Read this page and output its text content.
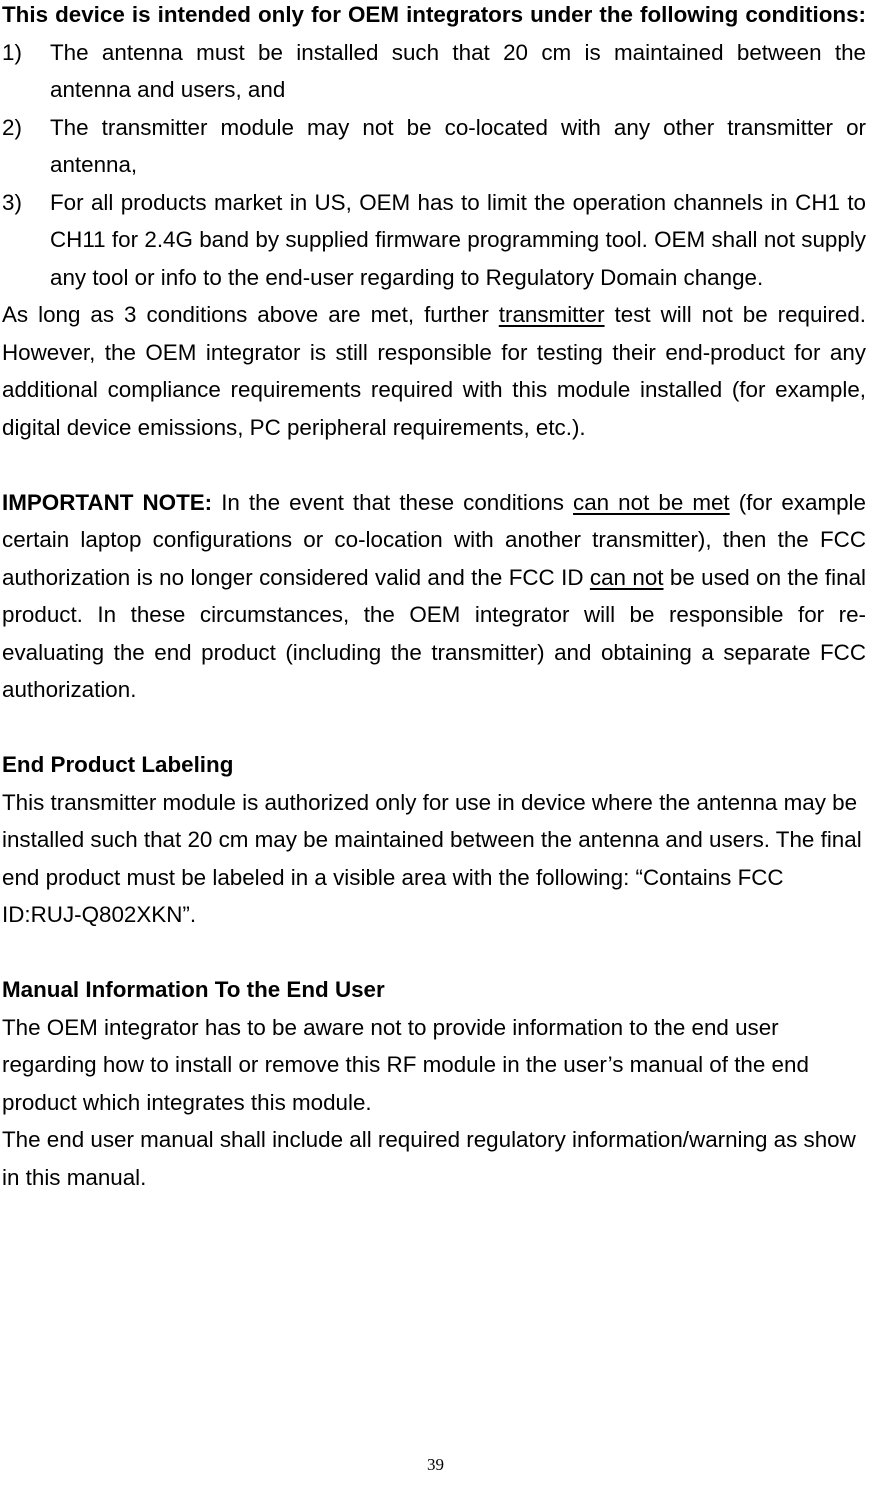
This device is intended only for OEM integrators under the following conditions:

1) The antenna must be installed such that 20 cm is maintained between the antenna and users, and
2) The transmitter module may not be co-located with any other transmitter or antenna,
3) For all products market in US, OEM has to limit the operation channels in CH1 to CH11 for 2.4G band by supplied firmware programming tool. OEM shall not supply any tool or info to the end-user regarding to Regulatory Domain change.

As long as 3 conditions above are met, further transmitter test will not be required. However, the OEM integrator is still responsible for testing their end-product for any additional compliance requirements required with this module installed (for example, digital device emissions, PC peripheral requirements, etc.).

IMPORTANT NOTE: In the event that these conditions can not be met (for example certain laptop configurations or co-location with another transmitter), then the FCC authorization is no longer considered valid and the FCC ID can not be used on the final product. In these circumstances, the OEM integrator will be responsible for re-evaluating the end product (including the transmitter) and obtaining a separate FCC authorization.

End Product Labeling

This transmitter module is authorized only for use in device where the antenna may be installed such that 20 cm may be maintained between the antenna and users. The final end product must be labeled in a visible area with the following: “Contains FCC ID:RUJ-Q802XKN”.

Manual Information To the End User

The OEM integrator has to be aware not to provide information to the end user regarding how to install or remove this RF module in the user’s manual of the end product which integrates this module.

The end user manual shall include all required regulatory information/warning as show in this manual.

39
